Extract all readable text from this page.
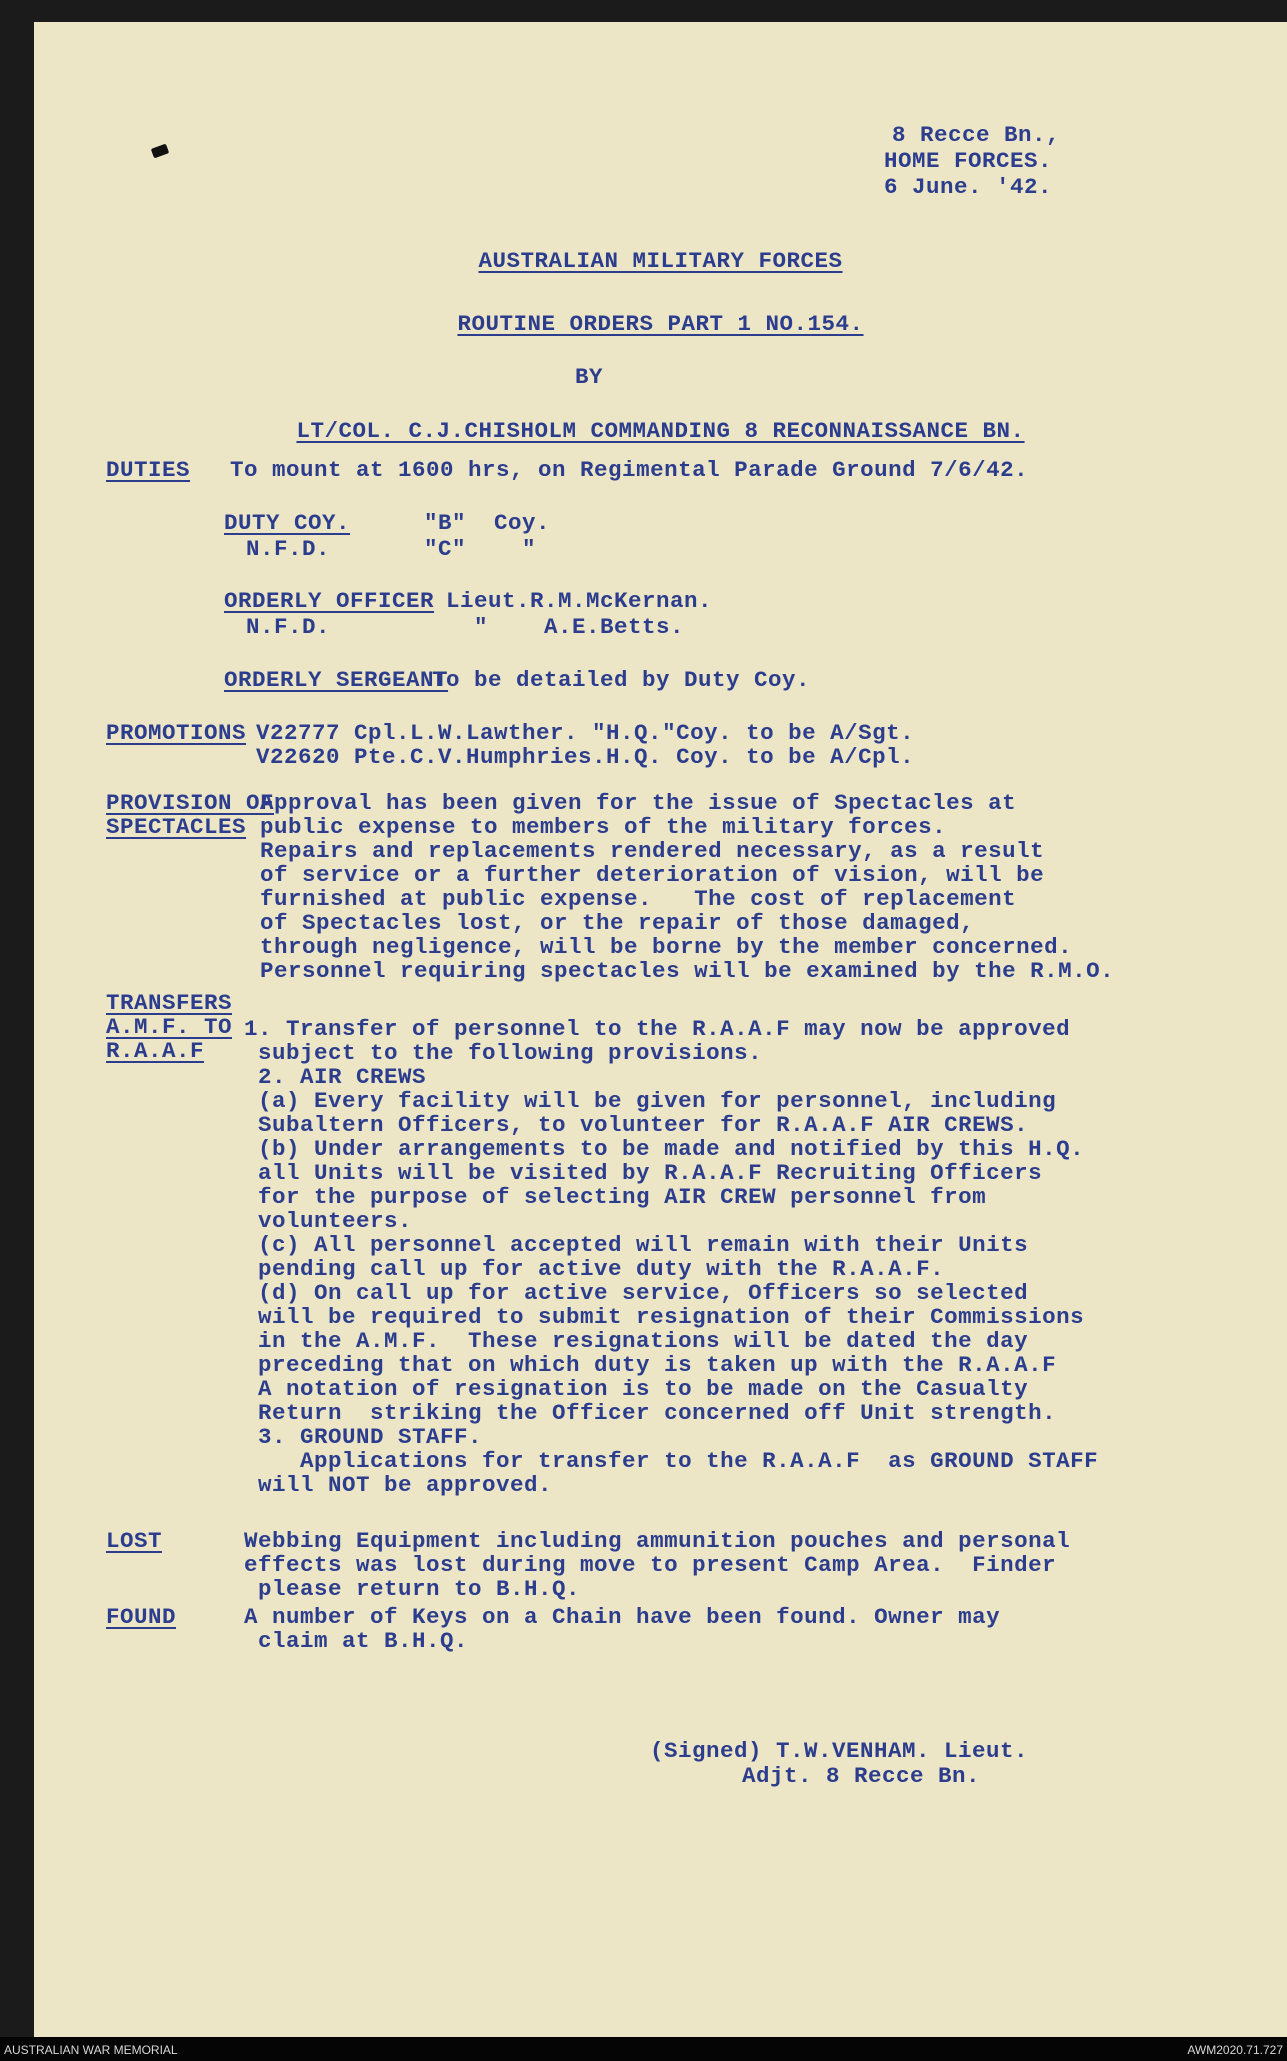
8 Recce Bn.,
HOME FORCES.
6 June. '42.
AUSTRALIAN MILITARY FORCES
ROUTINE ORDERS PART 1 NO.154.
BY
LT/COL. C.J.CHISHOLM COMMANDING 8 RECONNAISSANCE BN.
DUTIES To mount at 1600 hrs, on Regimental Parade Ground 7/6/42.
DUTY COY.	"B"  Coy.
N.F.D.	"C"    "
ORDERLY OFFICER Lieut.R.M.McKernan.
N.F.D.	"    A.E.Betts.
ORDERLY SERGEANT
To be detailed by Duty Coy.
PROMOTIONS V22777 Cpl.L.W.Lawther. "H.Q."Coy. to be A/Sgt.
V22620 Pte.C.V.Humphries.H.Q. Coy. to be A/Cpl.
PROVISION OF
SPECTACLES
Approval has been given for the issue of Spectacles at
public expense to members of the military forces.
Repairs and replacements rendered necessary, as a result
of service or a further deterioration of vision, will be
furnished at public expense.   The cost of replacement
of Spectacles lost, or the repair of those damaged,
through negligence, will be borne by the member concerned.
Personnel requiring spectacles will be examined by the R.M.O.
TRANSFERS
A.M.F. TO
R.A.A.F
1. Transfer of personnel to the R.A.A.F may now be approved
subject to the following provisions.
2. AIR CREWS
(a) Every facility will be given for personnel, including
Subaltern Officers, to volunteer for R.A.A.F AIR CREWS.
(b) Under arrangements to be made and notified by this H.Q.
all Units will be visited by R.A.A.F Recruiting Officers
for the purpose of selecting AIR CREW personnel from
volunteers.
(c) All personnel accepted will remain with their Units
pending call up for active duty with the R.A.A.F.
(d) On call up for active service, Officers so selected
will be required to submit resignation of their Commissions
in the A.M.F.  These resignations will be dated the day
preceding that on which duty is taken up with the R.A.A.F
A notation of resignation is to be made on the Casualty
Return  striking the Officer concerned off Unit strength.
3. GROUND STAFF.
Applications for transfer to the R.A.A.F  as GROUND STAFF
will NOT be approved.
LOST	Webbing Equipment including ammunition pouches and personal
effects was lost during move to present Camp Area.  Finder
please return to B.H.Q.
FOUND	A number of Keys on a Chain have been found. Owner may
claim at B.H.Q.
(Signed) T.W.VENHAM. Lieut.
Adjt. 8 Recce Bn.
AUSTRALIAN WAR MEMORIAL	AWM2020.71.727
